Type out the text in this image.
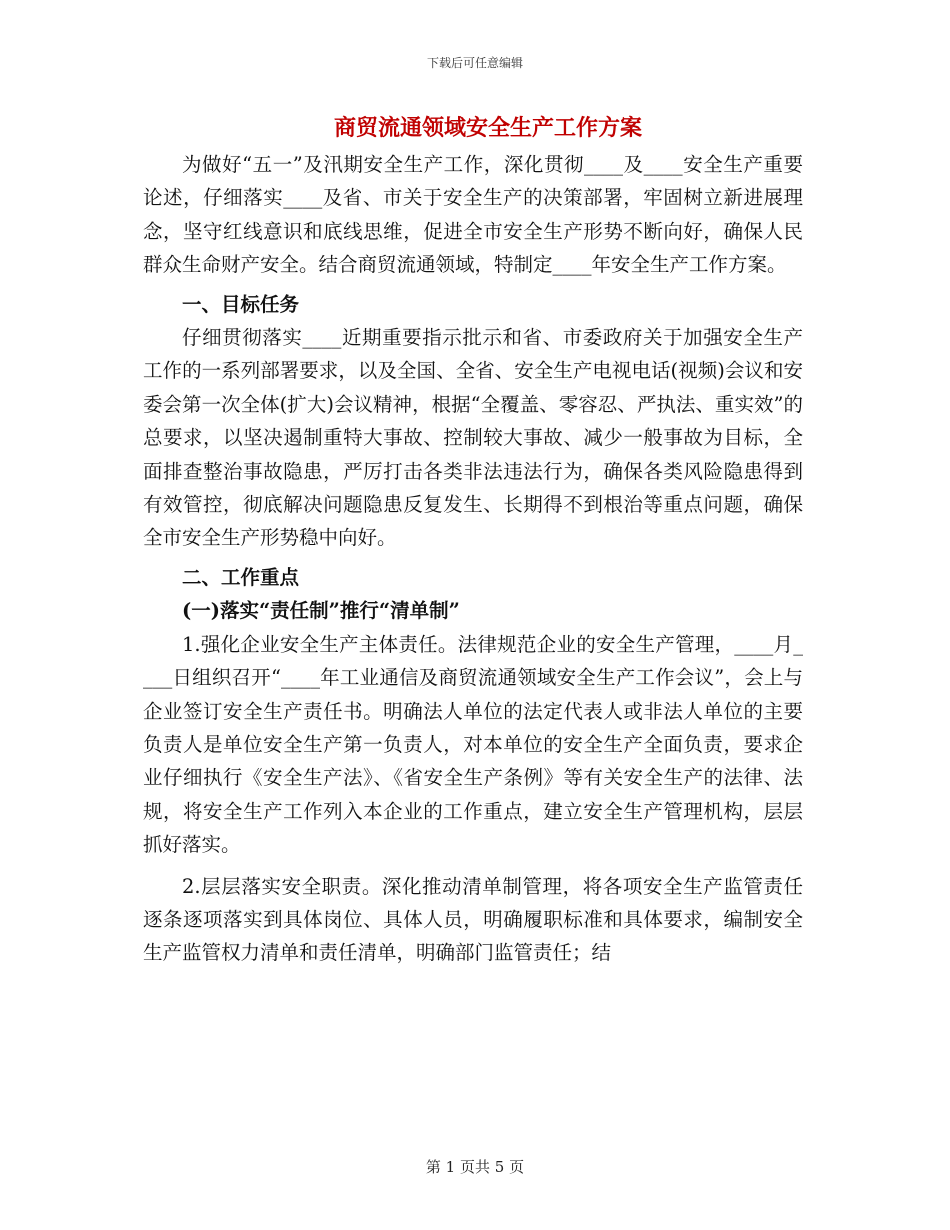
下载后可任意编辑
商贸流通领域安全生产工作方案

为做好“五一”及汛期安全生产工作，深化贯彻____及____安全生产重要论述，仔细落实____及省、市关于安全生产的决策部署，牢固树立新进展理念，坚守红线意识和底线思维，促进全市安全生产形势不断向好，确保人民群众生命财产安全。结合商贸流通领域，特制定____年安全生产工作方案。

一、目标任务

仔细贯彻落实____近期重要指示批示和省、市委政府关于加强安全生产工作的一系列部署要求，以及全国、全省、安全生产电视电话(视频)会议和安委会第一次全体(扩大)会议精神，根据“全覆盖、零容忍、严执法、重实效”的总要求，以坚决遏制重特大事故、控制较大事故、减少一般事故为目标，全面排查整治事故隐患，严厉打击各类非法违法行为，确保各类风险隐患得到有效管控，彻底解决问题隐患反复发生、长期得不到根治等重点问题，确保全市安全生产形势稳中向好。

二、工作重点

(一)落实“责任制”推行“清单制”

1.强化企业安全生产主体责任。法律规范企业的安全生产管理，____月____日组织召开“____年工业通信及商贸流通领域安全生产工作会议”，会上与企业签订安全生产责任书。明确法人单位的法定代表人或非法人单位的主要负责人是单位安全生产第一负责人，对本单位的安全生产全面负责，要求企业仔细执行《安全生产法》、《省安全生产条例》等有关安全生产的法律、法规，将安全生产工作列入本企业的工作重点，建立安全生产管理机构，层层抓好落实。

2.层层落实安全职责。深化推动清单制管理，将各项安全生产监管责任逐条逐项落实到具体岗位、具体人员，明确履职标准和具体要求，编制安全生产监管权力清单和责任清单，明确部门监管责任；结

第 1 页共 5 页
